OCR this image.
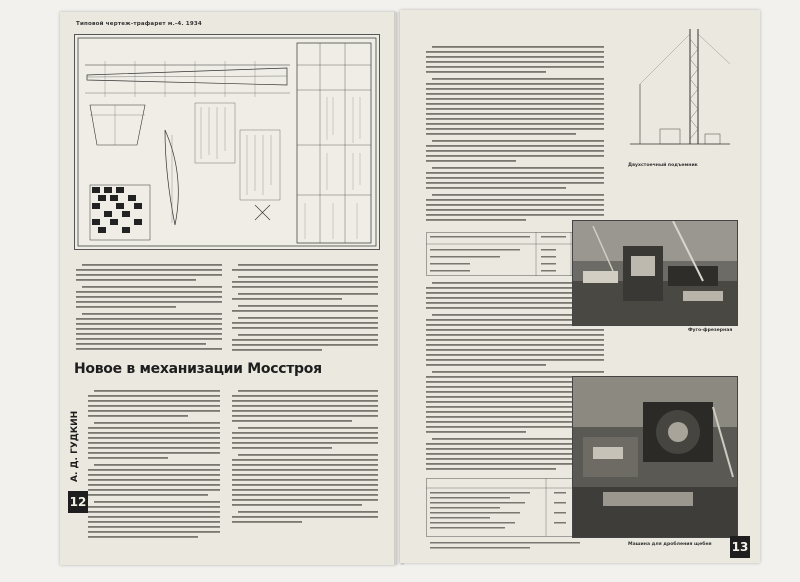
Типовой чертеж-трафарет м.-4. 1934
Новое в механизации Мосстроя
А. Д. ГУДКИН
12
Двухстоечный подъемник
Фуго-фрезерная
Машина для дробления щебня 13
